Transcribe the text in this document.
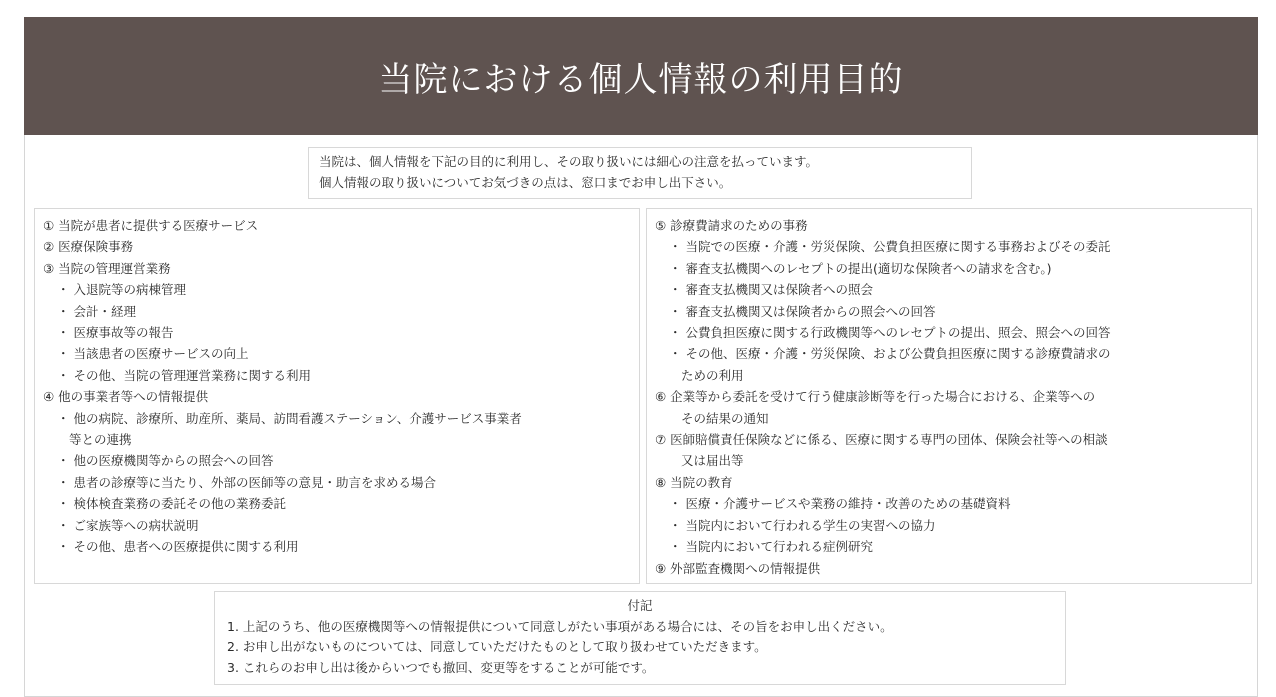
当院における個人情報の利用目的
当院は、個人情報を下記の目的に利用し、その取り扱いには細心の注意を払っています。
個人情報の取り扱いについてお気づきの点は、窓口までお申し出下さい。
① 当院が患者に提供する医療サービス
② 医療保険事務
③ 当院の管理運営業務
・ 入退院等の病棟管理
・ 会計・経理
・ 医療事故等の報告
・ 当該患者の医療サービスの向上
・ その他、当院の管理運営業務に関する利用
④ 他の事業者等への情報提供
・ 他の病院、診療所、助産所、薬局、訪問看護ステーション、介護サービス事業者
等との連携
・ 他の医療機関等からの照会への回答
・ 患者の診療等に当たり、外部の医師等の意見・助言を求める場合
・ 検体検査業務の委託その他の業務委託
・ ご家族等への病状説明
・ その他、患者への医療提供に関する利用
⑤ 診療費請求のための事務
・ 当院での医療・介護・労災保険、公費負担医療に関する事務およびその委託
・ 審査支払機関へのレセプトの提出(適切な保険者への請求を含む。)
・ 審査支払機関又は保険者への照会
・ 審査支払機関又は保険者からの照会への回答
・ 公費負担医療に関する行政機関等へのレセプトの提出、照会、照会への回答
・ その他、医療・介護・労災保険、および公費負担医療に関する診療費請求の
ための利用
⑥ 企業等から委託を受けて行う健康診断等を行った場合における、企業等への
その結果の通知
⑦ 医師賠償責任保険などに係る、医療に関する専門の団体、保険会社等への相談
又は届出等
⑧ 当院の教育
・ 医療・介護サービスや業務の維持・改善のための基礎資料
・ 当院内において行われる学生の実習への協力
・ 当院内において行われる症例研究
⑨ 外部監査機関への情報提供
付記
1. 上記のうち、他の医療機関等への情報提供について同意しがたい事項がある場合には、その旨をお申し出ください。
2. お申し出がないものについては、同意していただけたものとして取り扱わせていただきます。
3. これらのお申し出は後からいつでも撤回、変更等をすることが可能です。
